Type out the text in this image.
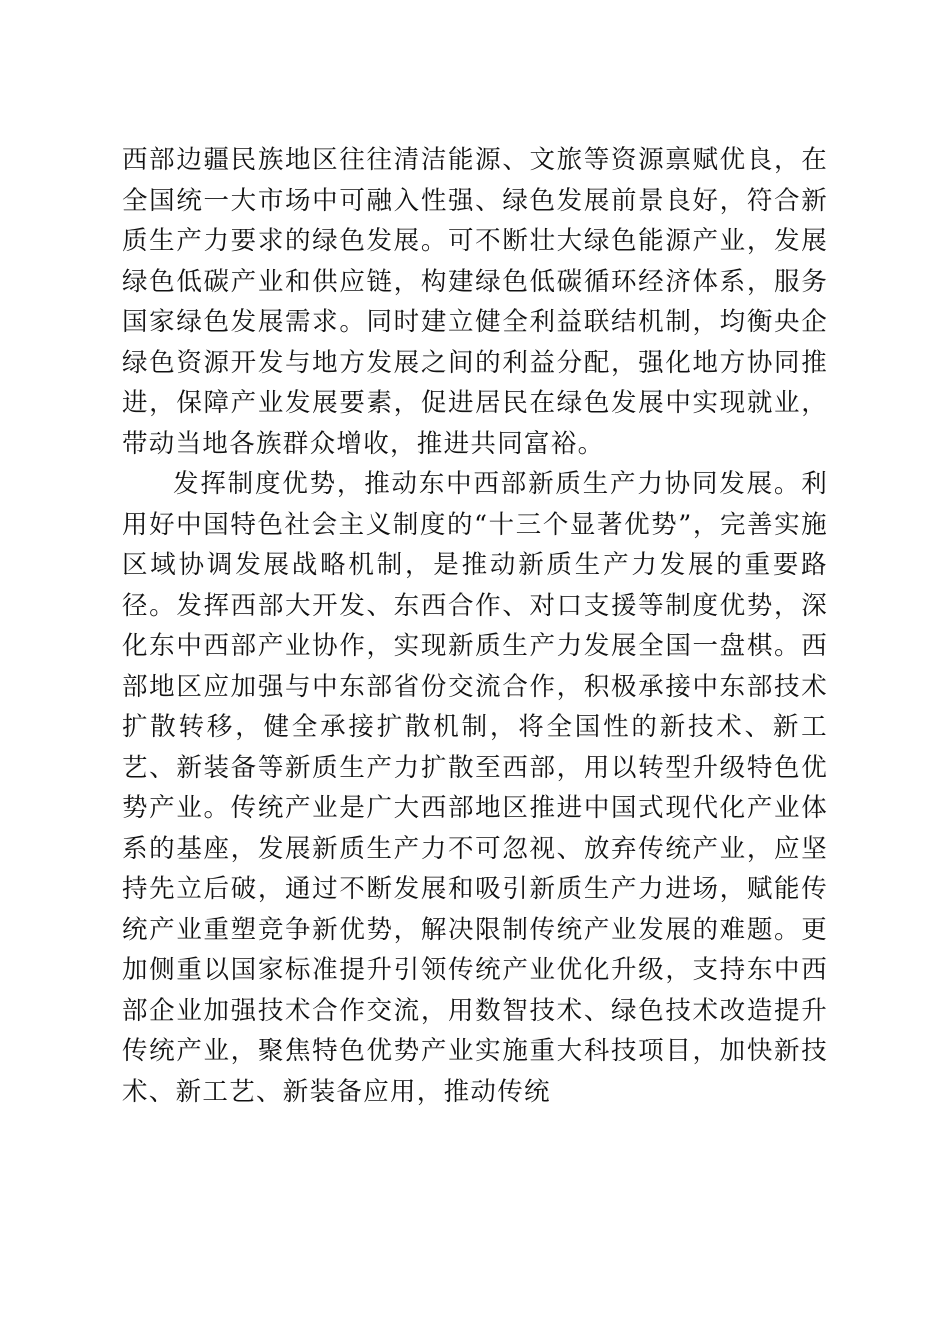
西部边疆民族地区往往清洁能源、文旅等资源禀赋优良，在全国统一大市场中可融入性强、绿色发展前景良好，符合新质生产力要求的绿色发展。可不断壮大绿色能源产业，发展绿色低碳产业和供应链，构建绿色低碳循环经济体系，服务国家绿色发展需求。同时建立健全利益联结机制，均衡央企绿色资源开发与地方发展之间的利益分配，强化地方协同推进，保障产业发展要素，促进居民在绿色发展中实现就业，带动当地各族群众增收，推进共同富裕。

发挥制度优势，推动东中西部新质生产力协同发展。利用好中国特色社会主义制度的“十三个显著优势”，完善实施区域协调发展战略机制，是推动新质生产力发展的重要路径。发挥西部大开发、东西合作、对口支援等制度优势，深化东中西部产业协作，实现新质生产力发展全国一盘棋。西部地区应加强与中东部省份交流合作，积极承接中东部技术扩散转移，健全承接扩散机制，将全国性的新技术、新工艺、新装备等新质生产力扩散至西部，用以转型升级特色优势产业。传统产业是广大西部地区推进中国式现代化产业体系的基座，发展新质生产力不可忽视、放弃传统产业，应坚持先立后破，通过不断发展和吸引新质生产力进场，赋能传统产业重塑竞争新优势，解决限制传统产业发展的难题。更加侧重以国家标准提升引领传统产业优化升级，支持东中西部企业加强技术合作交流，用数智技术、绿色技术改造提升传统产业，聚焦特色优势产业实施重大科技项目，加快新技术、新工艺、新装备应用，推动传统
